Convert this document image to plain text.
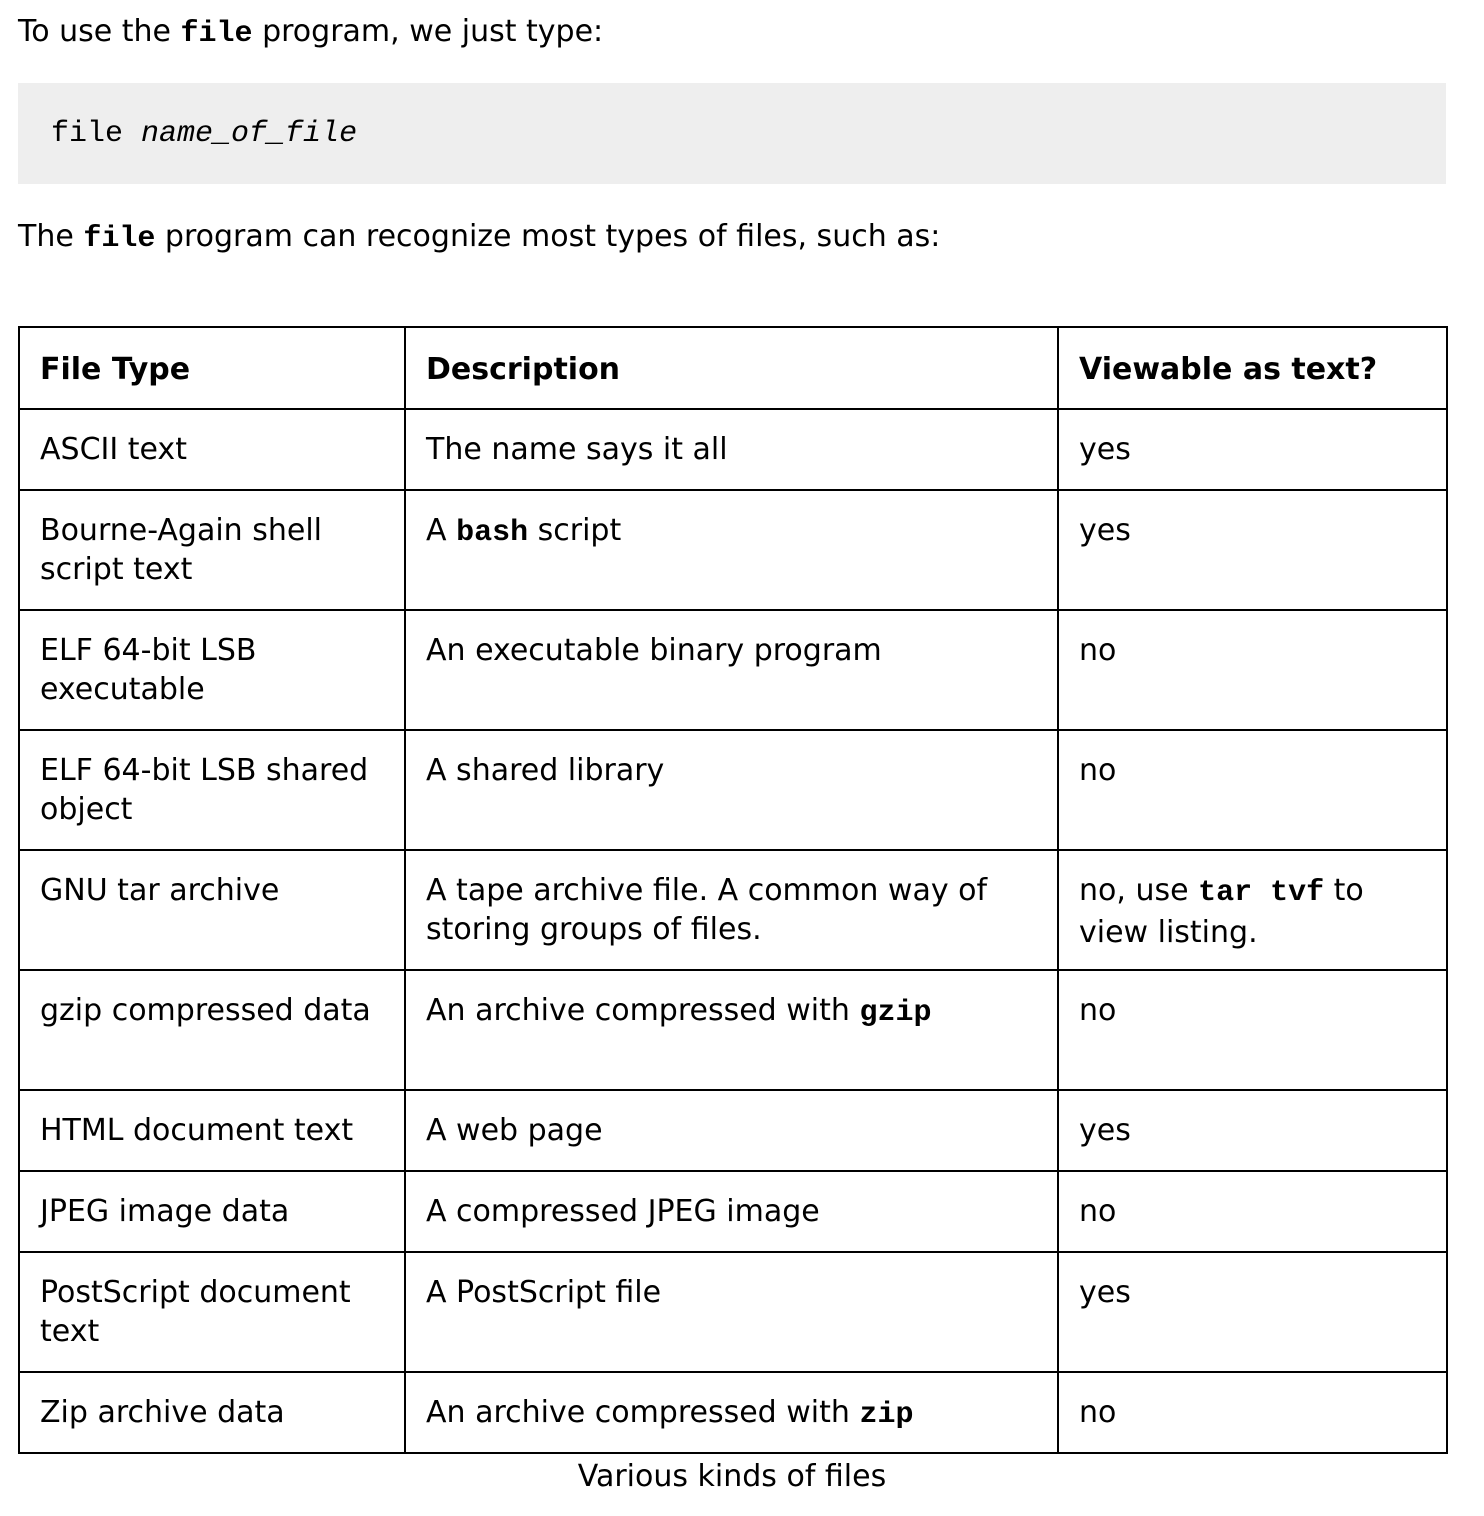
To use the file program, we just type:

file name_of_file

The file program can recognize most types of files, such as:

File Type	Description	Viewable as text?
ASCII text	The name says it all	yes
Bourne-Again shell script text	A bash script	yes
ELF 64-bit LSB executable	An executable binary program	no
ELF 64-bit LSB shared object	A shared library	no
GNU tar archive	A tape archive file. A common way of storing groups of files.	no, use tar tvf to view listing.
gzip compressed data	An archive compressed with gzip	no
HTML document text	A web page	yes
JPEG image data	A compressed JPEG image	no
PostScript document text	A PostScript file	yes
Zip archive data	An archive compressed with zip	no
Various kinds of files
